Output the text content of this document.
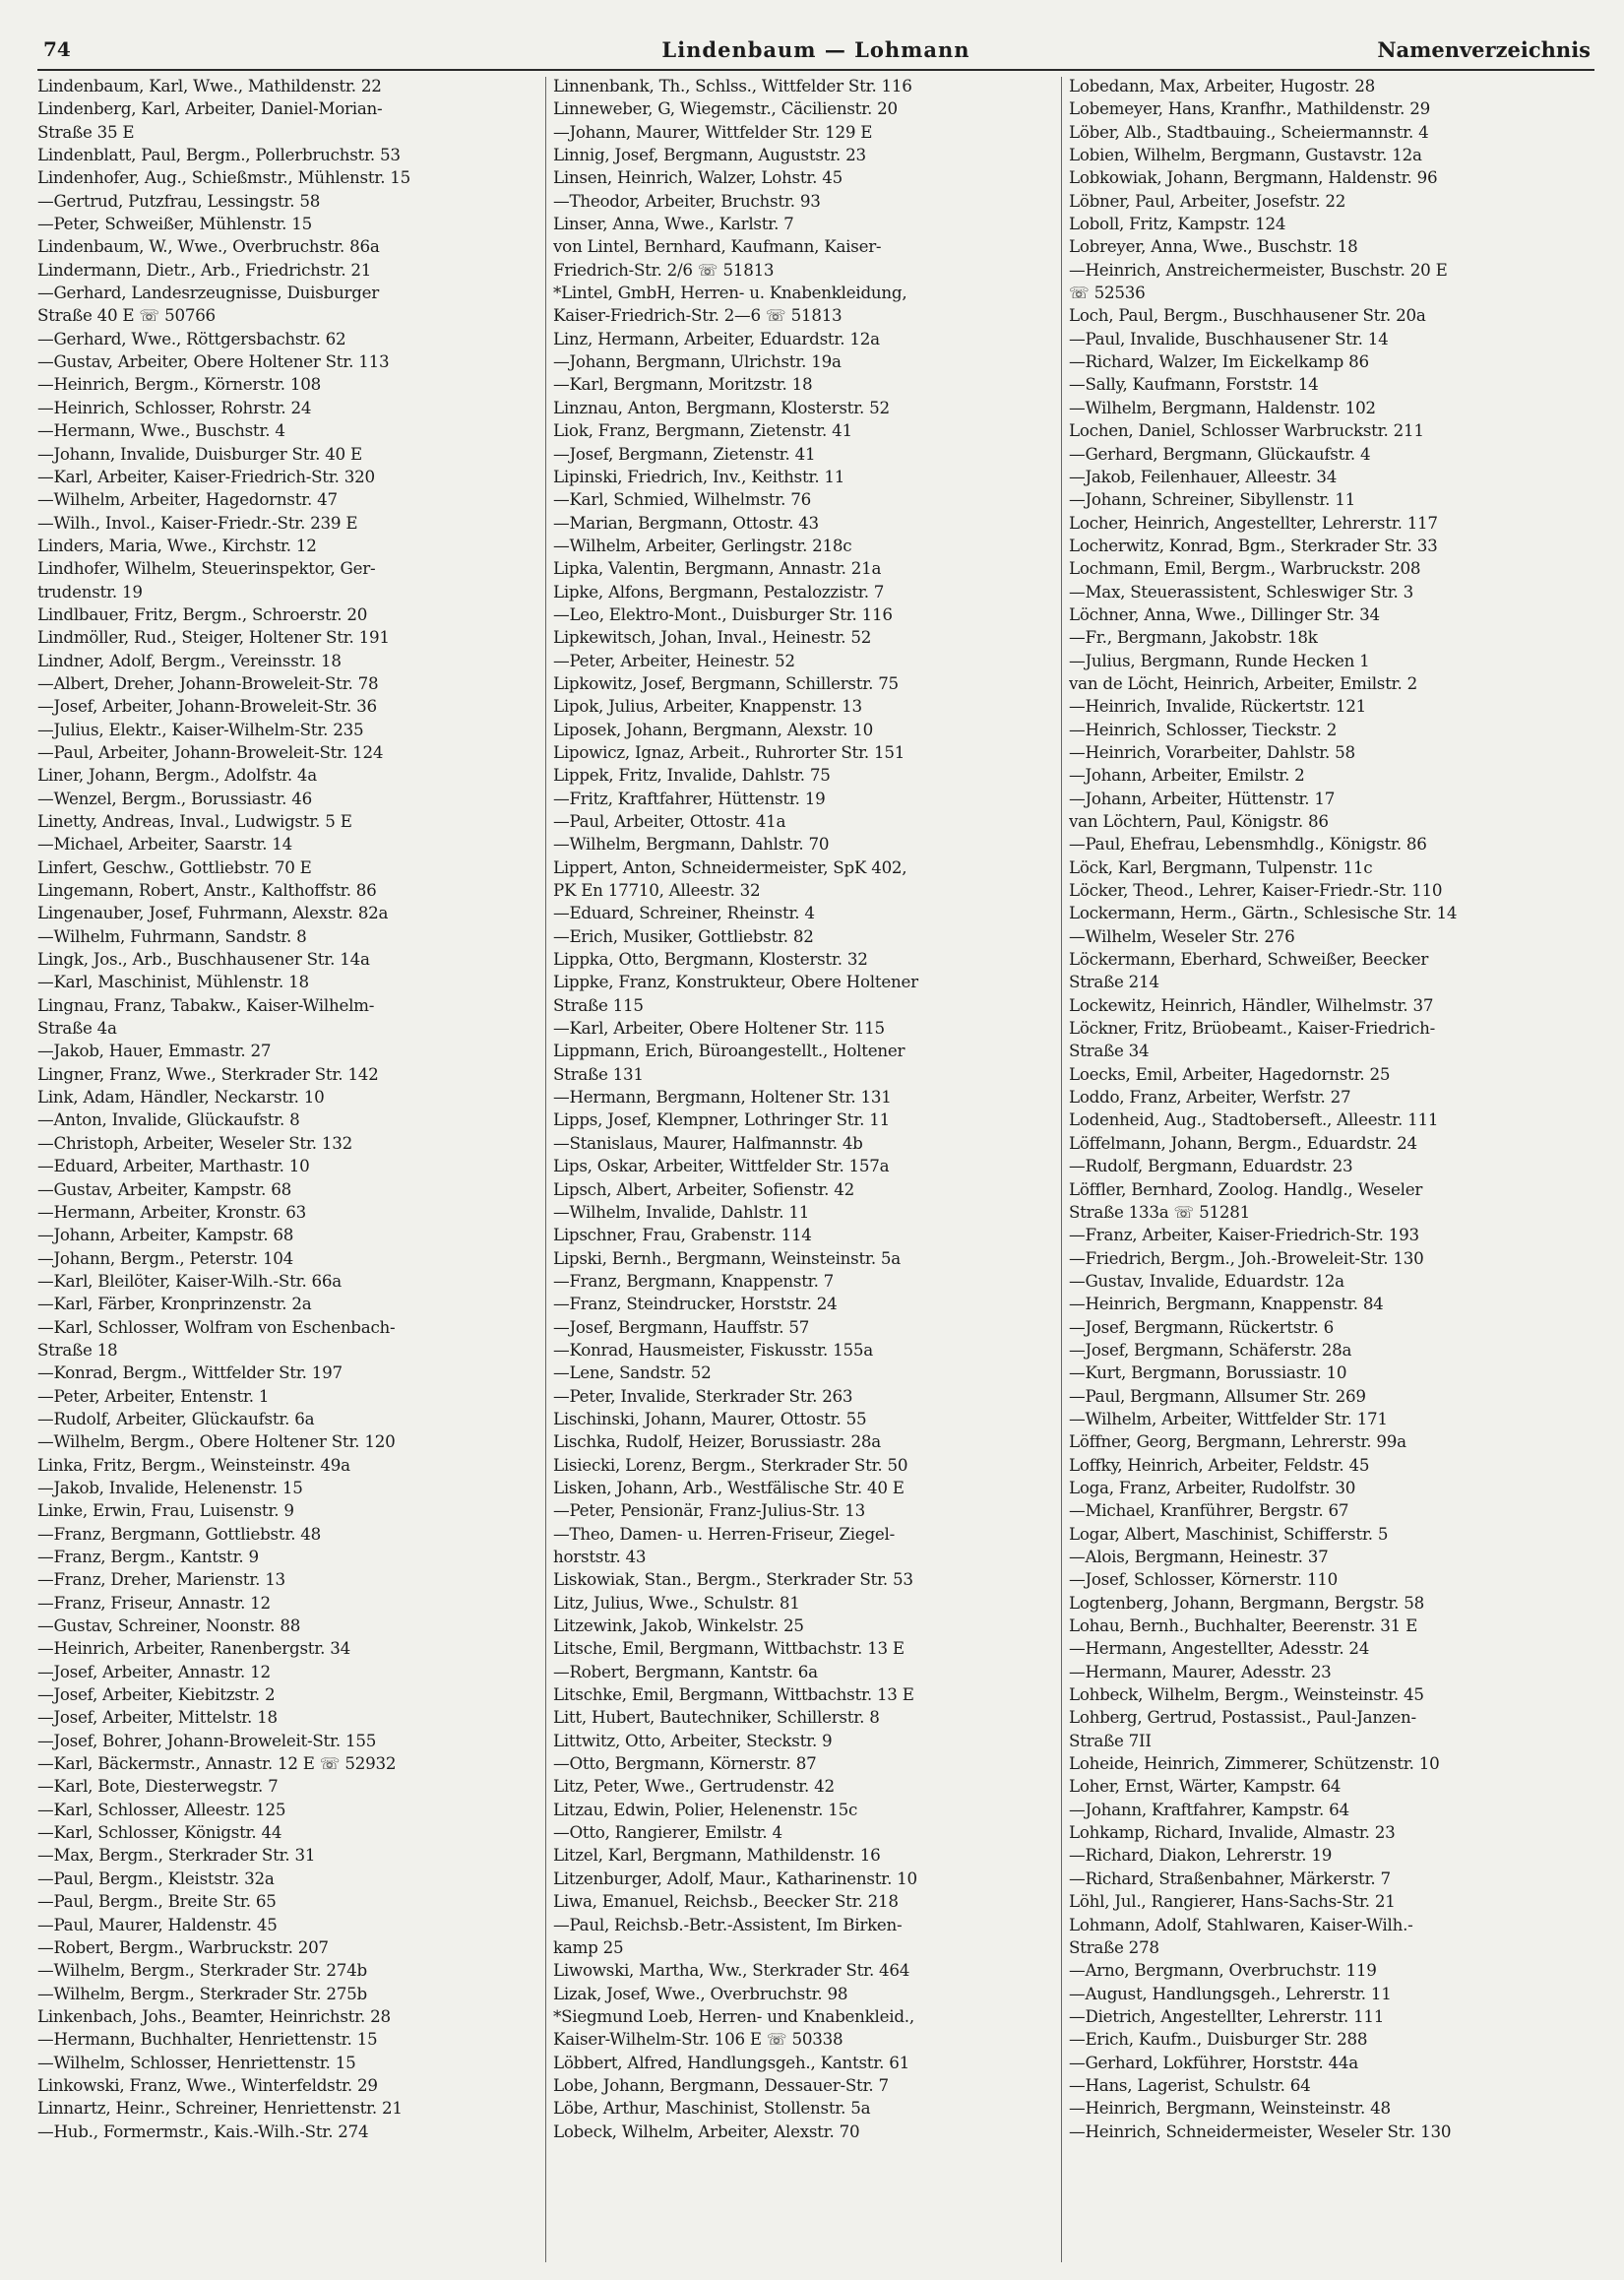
74	Lindenbaum — Lohmann	Namenverzeichnis
Lindenbaum, Karl, Wwe., Mathildenstr. 22
Lindenberg, Karl, Arbeiter, Daniel-Morian-
Straße 35 E
Lindenblatt, Paul, Bergm., Pollerbruchstr. 53
Lindenhofer, Aug., Schießmstr., Mühlenstr. 15
—Gertrud, Putzfrau, Lessingstr. 58
—Peter, Schweißer, Mühlenstr. 15
Lindenbaum, W., Wwe., Overbruchstr. 86a
Lindermann, Dietr., Arb., Friedrichstr. 21
—Gerhard, Landesrzeugnisse, Duisburger
Straße 40 E ☏ 50766
—Gerhard, Wwe., Röttgersbachstr. 62
—Gustav, Arbeiter, Obere Holtener Str. 113
—Heinrich, Bergm., Körnerstr. 108
—Heinrich, Schlosser, Rohrstr. 24
—Hermann, Wwe., Buschstr. 4
—Johann, Invalide, Duisburger Str. 40 E
—Karl, Arbeiter, Kaiser-Friedrich-Str. 320
—Wilhelm, Arbeiter, Hagedornstr. 47
—Wilh., Invol., Kaiser-Friedr.-Str. 239 E
Linders, Maria, Wwe., Kirchstr. 12
Lindhofer, Wilhelm, Steuerinspektor, Ger-
trudenstr. 19
Lindlbauer, Fritz, Bergm., Schroerstr. 20
Lindmöller, Rud., Steiger, Holtener Str. 191
Lindner, Adolf, Bergm., Vereinsstr. 18
—Albert, Dreher, Johann-Broweleit-Str. 78
—Josef, Arbeiter, Johann-Broweleit-Str. 36
—Julius, Elektr., Kaiser-Wilhelm-Str. 235
—Paul, Arbeiter, Johann-Broweleit-Str. 124
Liner, Johann, Bergm., Adolfstr. 4a
—Wenzel, Bergm., Borussiastr. 46
Linetty, Andreas, Inval., Ludwigstr. 5 E
—Michael, Arbeiter, Saarstr. 14
Linfert, Geschw., Gottliebstr. 70 E
Lingemann, Robert, Anstr., Kalthoffstr. 86
Lingenauber, Josef, Fuhrmann, Alexstr. 82a
—Wilhelm, Fuhrmann, Sandstr. 8
Lingk, Jos., Arb., Buschhausener Str. 14a
—Karl, Maschinist, Mühlenstr. 18
Lingnau, Franz, Tabakw., Kaiser-Wilhelm-
Straße 4a
—Jakob, Hauer, Emmastr. 27
Lingner, Franz, Wwe., Sterkrader Str. 142
Link, Adam, Händler, Neckarstr. 10
—Anton, Invalide, Glückaufstr. 8
—Christoph, Arbeiter, Weseler Str. 132
—Eduard, Arbeiter, Marthastr. 10
—Gustav, Arbeiter, Kampstr. 68
—Hermann, Arbeiter, Kronstr. 63
—Johann, Arbeiter, Kampstr. 68
—Johann, Bergm., Peterstr. 104
—Karl, Bleilöter, Kaiser-Wilh.-Str. 66a
—Karl, Färber, Kronprinzenstr. 2a
—Karl, Schlosser, Wolfram von Eschenbach-
Straße 18
—Konrad, Bergm., Wittfelder Str. 197
—Peter, Arbeiter, Entenstr. 1
—Rudolf, Arbeiter, Glückaufstr. 6a
—Wilhelm, Bergm., Obere Holtener Str. 120
Linka, Fritz, Bergm., Weinsteinstr. 49a
—Jakob, Invalide, Helenenstr. 15
Linke, Erwin, Frau, Luisenstr. 9
—Franz, Bergmann, Gottliebstr. 48
—Franz, Bergm., Kantstr. 9
—Franz, Dreher, Marienstr. 13
—Franz, Friseur, Annastr. 12
—Gustav, Schreiner, Noonstr. 88
—Heinrich, Arbeiter, Ranenbergstr. 34
—Josef, Arbeiter, Annastr. 12
—Josef, Arbeiter, Kiebitzstr. 2
—Josef, Arbeiter, Mittelstr. 18
—Josef, Bohrer, Johann-Broweleit-Str. 155
—Karl, Bäckermstr., Annastr. 12 E ☏ 52932
—Karl, Bote, Diesterwegstr. 7
—Karl, Schlosser, Alleestr. 125
—Karl, Schlosser, Königstr. 44
—Max, Bergm., Sterkrader Str. 31
—Paul, Bergm., Kleiststr. 32a
—Paul, Bergm., Breite Str. 65
—Paul, Maurer, Haldenstr. 45
—Robert, Bergm., Warbruckstr. 207
—Wilhelm, Bergm., Sterkrader Str. 274b
—Wilhelm, Bergm., Sterkrader Str. 275b
Linkenbach, Johs., Beamter, Heinrichstr. 28
—Hermann, Buchhalter, Henriettenstr. 15
—Wilhelm, Schlosser, Henriettenstr. 15
Linkowski, Franz, Wwe., Winterfeldstr. 29
Linnartz, Heinr., Schreiner, Henriettenstr. 21
—Hub., Formermstr., Kais.-Wilh.-Str. 274
Linnenbank, Th., Schlss., Wittfelder Str. 116
Linneweber, G, Wiegemstr., Cäcilienstr. 20
—Johann, Maurer, Wittfelder Str. 129 E
Linnig, Josef, Bergmann, Auguststr. 23
Linsen, Heinrich, Walzer, Lohstr. 45
—Theodor, Arbeiter, Bruchstr. 93
Linser, Anna, Wwe., Karlstr. 7
von Lintel, Bernhard, Kaufmann, Kaiser-
Friedrich-Str. 2/6 ☏ 51813
*Lintel, GmbH, Herren- u. Knabenkleidung,
Kaiser-Friedrich-Str. 2—6 ☏ 51813
Linz, Hermann, Arbeiter, Eduardstr. 12a
—Johann, Bergmann, Ulrichstr. 19a
—Karl, Bergmann, Moritzstr. 18
Linznau, Anton, Bergmann, Klosterstr. 52
Liok, Franz, Bergmann, Zietenstr. 41
—Josef, Bergmann, Zietenstr. 41
Lipinski, Friedrich, Inv., Keithstr. 11
—Karl, Schmied, Wilhelmstr. 76
—Marian, Bergmann, Ottostr. 43
—Wilhelm, Arbeiter, Gerlingstr. 218c
Lipka, Valentin, Bergmann, Annastr. 21a
Lipke, Alfons, Bergmann, Pestalozzistr. 7
—Leo, Elektro-Mont., Duisburger Str. 116
Lipkewitsch, Johan, Inval., Heinestr. 52
—Peter, Arbeiter, Heinestr. 52
Lipkowitz, Josef, Bergmann, Schillerstr. 75
Lipok, Julius, Arbeiter, Knappenstr. 13
Liposek, Johann, Bergmann, Alexstr. 10
Lipowicz, Ignaz, Arbeit., Ruhrorter Str. 151
Lippek, Fritz, Invalide, Dahlstr. 75
—Fritz, Kraftfahrer, Hüttenstr. 19
—Paul, Arbeiter, Ottostr. 41a
—Wilhelm, Bergmann, Dahlstr. 70
Lippert, Anton, Schneidermeister, SpK 402,
PK En 17710, Alleestr. 32
—Eduard, Schreiner, Rheinstr. 4
—Erich, Musiker, Gottliebstr. 82
Lippka, Otto, Bergmann, Klosterstr. 32
Lippke, Franz, Konstrukteur, Obere Holtener
Straße 115
—Karl, Arbeiter, Obere Holtener Str. 115
Lippmann, Erich, Büroangestellt., Holtener
Straße 131
—Hermann, Bergmann, Holtener Str. 131
Lipps, Josef, Klempner, Lothringer Str. 11
—Stanislaus, Maurer, Halfmannstr. 4b
Lips, Oskar, Arbeiter, Wittfelder Str. 157a
Lipsch, Albert, Arbeiter, Sofienstr. 42
—Wilhelm, Invalide, Dahlstr. 11
Lipschner, Frau, Grabenstr. 114
Lipski, Bernh., Bergmann, Weinsteinstr. 5a
—Franz, Bergmann, Knappenstr. 7
—Franz, Steindrucker, Horststr. 24
—Josef, Bergmann, Hauffstr. 57
—Konrad, Hausmeister, Fiskusstr. 155a
—Lene, Sandstr. 52
—Peter, Invalide, Sterkrader Str. 263
Lischinski, Johann, Maurer, Ottostr. 55
Lischka, Rudolf, Heizer, Borussiastr. 28a
Lisiecki, Lorenz, Bergm., Sterkrader Str. 50
Lisken, Johann, Arb., Westfälische Str. 40 E
—Peter, Pensionär, Franz-Julius-Str. 13
—Theo, Damen- u. Herren-Friseur, Ziegel-
horststr. 43
Liskowiak, Stan., Bergm., Sterkrader Str. 53
Litz, Julius, Wwe., Schulstr. 81
Litzewink, Jakob, Winkelstr. 25
Litsche, Emil, Bergmann, Wittbachstr. 13 E
—Robert, Bergmann, Kantstr. 6a
Litschke, Emil, Bergmann, Wittbachstr. 13 E
Litt, Hubert, Bautechniker, Schillerstr. 8
Littwitz, Otto, Arbeiter, Steckstr. 9
—Otto, Bergmann, Körnerstr. 87
Litz, Peter, Wwe., Gertrudenstr. 42
Litzau, Edwin, Polier, Helenenstr. 15c
—Otto, Rangierer, Emilstr. 4
Litzel, Karl, Bergmann, Mathildenstr. 16
Litzenburger, Adolf, Maur., Katharinenstr. 10
Liwa, Emanuel, Reichsb., Beecker Str. 218
—Paul, Reichsb.-Betr.-Assistent, Im Birken-
kamp 25
Liwowski, Martha, Ww., Sterkrader Str. 464
Lizak, Josef, Wwe., Overbruchstr. 98
*Siegmund Loeb, Herren- und Knabenkleid.,
Kaiser-Wilhelm-Str. 106 E ☏ 50338
Löbbert, Alfred, Handlungsgeh., Kantstr. 61
Lobe, Johann, Bergmann, Dessauer-Str. 7
Löbe, Arthur, Maschinist, Stollenstr. 5a
Lobeck, Wilhelm, Arbeiter, Alexstr. 70
Lobedann, Max, Arbeiter, Hugostr. 28
Lobemeyer, Hans, Kranfhr., Mathildenstr. 29
Löber, Alb., Stadtbauing., Scheiermannstr. 4
Lobien, Wilhelm, Bergmann, Gustavstr. 12a
Lobkowiak, Johann, Bergmann, Haldenstr. 96
Löbner, Paul, Arbeiter, Josefstr. 22
Loboll, Fritz, Kampstr. 124
Lobreyer, Anna, Wwe., Buschstr. 18
—Heinrich, Anstreichermeister, Buschstr. 20 E
☏ 52536
Loch, Paul, Bergm., Buschhausener Str. 20a
—Paul, Invalide, Buschhausener Str. 14
—Richard, Walzer, Im Eickelkamp 86
—Sally, Kaufmann, Forststr. 14
—Wilhelm, Bergmann, Haldenstr. 102
Lochen, Daniel, Schlosser Warbruckstr. 211
—Gerhard, Bergmann, Glückaufstr. 4
—Jakob, Feilenhauer, Alleestr. 34
—Johann, Schreiner, Sibyllenstr. 11
Locher, Heinrich, Angestellter, Lehrerstr. 117
Locherwitz, Konrad, Bgm., Sterkrader Str. 33
Lochmann, Emil, Bergm., Warbruckstr. 208
—Max, Steuerassistent, Schleswiger Str. 3
Löchner, Anna, Wwe., Dillinger Str. 34
—Fr., Bergmann, Jakobstr. 18k
—Julius, Bergmann, Runde Hecken 1
van de Löcht, Heinrich, Arbeiter, Emilstr. 2
—Heinrich, Invalide, Rückertstr. 121
—Heinrich, Schlosser, Tieckstr. 2
—Heinrich, Vorarbeiter, Dahlstr. 58
—Johann, Arbeiter, Emilstr. 2
—Johann, Arbeiter, Hüttenstr. 17
van Löchtern, Paul, Königstr. 86
—Paul, Ehefrau, Lebensmhdlg., Königstr. 86
Löck, Karl, Bergmann, Tulpenstr. 11c
Löcker, Theod., Lehrer, Kaiser-Friedr.-Str. 110
Lockermann, Herm., Gärtn., Schlesische Str. 14
—Wilhelm, Weseler Str. 276
Löckermann, Eberhard, Schweißer, Beecker
Straße 214
Lockewitz, Heinrich, Händler, Wilhelmstr. 37
Löckner, Fritz, Brüobeamt., Kaiser-Friedrich-
Straße 34
Loecks, Emil, Arbeiter, Hagedornstr. 25
Loddo, Franz, Arbeiter, Werfstr. 27
Lodenheid, Aug., Stadtoberseft., Alleestr. 111
Löffelmann, Johann, Bergm., Eduardstr. 24
—Rudolf, Bergmann, Eduardstr. 23
Löffler, Bernhard, Zoolog. Handlg., Weseler
Straße 133a ☏ 51281
—Franz, Arbeiter, Kaiser-Friedrich-Str. 193
—Friedrich, Bergm., Joh.-Broweleit-Str. 130
—Gustav, Invalide, Eduardstr. 12a
—Heinrich, Bergmann, Knappenstr. 84
—Josef, Bergmann, Rückertstr. 6
—Josef, Bergmann, Schäferstr. 28a
—Kurt, Bergmann, Borussiastr. 10
—Paul, Bergmann, Allsumer Str. 269
—Wilhelm, Arbeiter, Wittfelder Str. 171
Löffner, Georg, Bergmann, Lehrerstr. 99a
Loffky, Heinrich, Arbeiter, Feldstr. 45
Loga, Franz, Arbeiter, Rudolfstr. 30
—Michael, Kranführer, Bergstr. 67
Logar, Albert, Maschinist, Schifferstr. 5
—Alois, Bergmann, Heinestr. 37
—Josef, Schlosser, Körnerstr. 110
Logtenberg, Johann, Bergmann, Bergstr. 58
Lohau, Bernh., Buchhalter, Beerenstr. 31 E
—Hermann, Angestellter, Adesstr. 24
—Hermann, Maurer, Adesstr. 23
Lohbeck, Wilhelm, Bergm., Weinsteinstr. 45
Lohberg, Gertrud, Postassist., Paul-Janzen-
Straße 7II
Loheide, Heinrich, Zimmerer, Schützenstr. 10
Loher, Ernst, Wärter, Kampstr. 64
—Johann, Kraftfahrer, Kampstr. 64
Lohkamp, Richard, Invalide, Almastr. 23
—Richard, Diakon, Lehrerstr. 19
—Richard, Straßenbahner, Märkerstr. 7
Löhl, Jul., Rangierer, Hans-Sachs-Str. 21
Lohmann, Adolf, Stahlwaren, Kaiser-Wilh.-
Straße 278
—Arno, Bergmann, Overbruchstr. 119
—August, Handlungsgeh., Lehrerstr. 11
—Dietrich, Angestellter, Lehrerstr. 111
—Erich, Kaufm., Duisburger Str. 288
—Gerhard, Lokführer, Horststr. 44a
—Hans, Lagerist, Schulstr. 64
—Heinrich, Bergmann, Weinsteinstr. 48
—Heinrich, Schneidermeister, Weseler Str. 130
